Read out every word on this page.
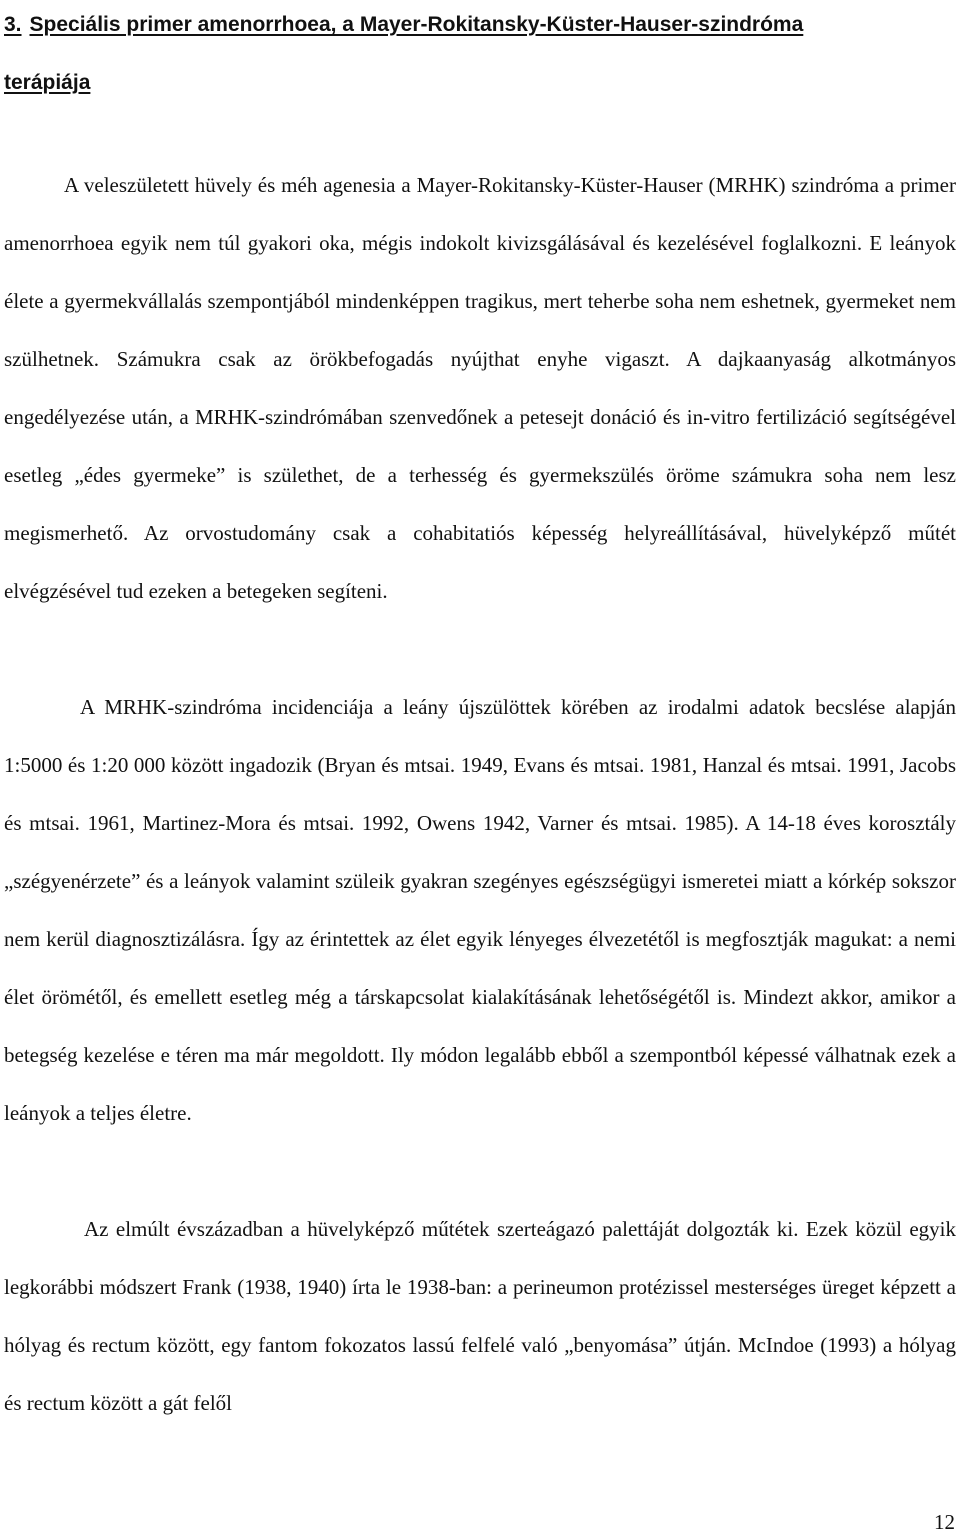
3. Speciális primer amenorrhoea, a Mayer-Rokitansky-Küster-Hauser-szindróma
terápiája

A veleszületett hüvely és méh agenesia a Mayer-Rokitansky-Küster-Hauser (MRHK) szindróma a primer amenorrhoea egyik nem túl gyakori oka, mégis indokolt kivizsgálásával és kezelésével foglalkozni. E leányok élete a gyermekvállalás szempontjából mindenképpen tragikus, mert teherbe soha nem eshetnek, gyermeket nem szülhetnek. Számukra csak az örökbefogadás nyújthat enyhe vigaszt. A dajkaanyaság alkotmányos engedélyezése után, a MRHK-szindrómában szenvedőnek a petesejt donáció és in-vitro fertilizáció segítségével esetleg „édes gyermeke” is születhet, de a terhesség és gyermekszülés öröme számukra soha nem lesz megismerhető. Az orvostudomány csak a cohabitatiós képesség helyreállításával, hüvelyképző műtét elvégzésével tud ezeken a betegeken segíteni.

A MRHK-szindróma incidenciája a leány újszülöttek körében az irodalmi adatok becslése alapján 1:5000 és 1:20 000 között ingadozik (Bryan és mtsai. 1949, Evans és mtsai. 1981, Hanzal és mtsai. 1991, Jacobs és mtsai. 1961, Martinez-Mora és mtsai. 1992, Owens 1942, Varner és mtsai. 1985). A 14-18 éves korosztály „szégyenérzete” és a leányok valamint szüleik gyakran szegényes egészségügyi ismeretei miatt a kórkép sokszor nem kerül diagnosztizálásra. Így az érintettek az élet egyik lényeges élvezetétől is megfosztják magukat: a nemi élet örömétől, és emellett esetleg még a társkapcsolat kialakításának lehetőségétől is. Mindezt akkor, amikor a betegség kezelése e téren ma már megoldott. Ily módon legalább ebből a szempontból képessé válhatnak ezek a leányok a teljes életre.

Az elmúlt évszázadban a hüvelyképző műtétek szerteágazó palettáját dolgozták ki. Ezek közül egyik legkorábbi módszert Frank (1938, 1940) írta le 1938-ban: a perineumon protézissel mesterséges üreget képzett a hólyag és rectum között, egy fantom fokozatos lassú felfelé való „benyomása” útján. McIndoe (1993) a hólyag és rectum között a gát felől

12
